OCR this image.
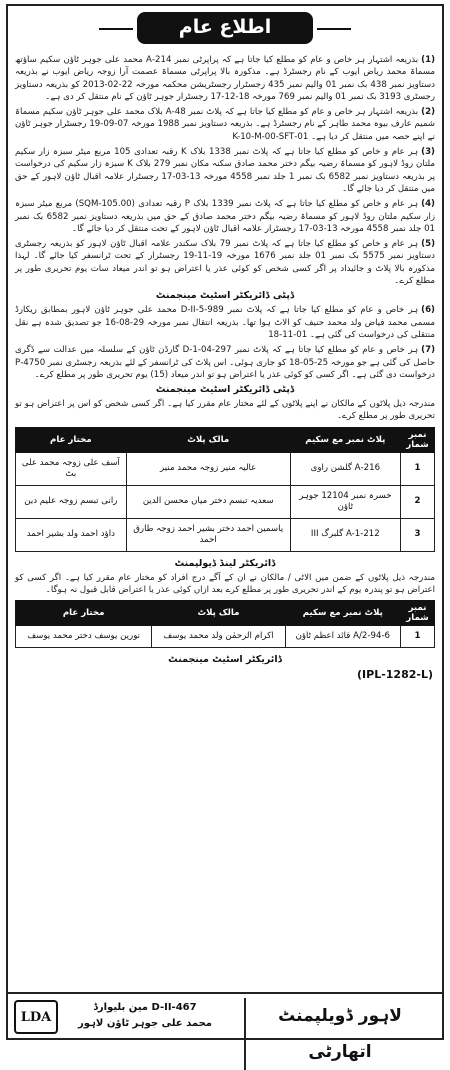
اطلاع عام

(1)بذریعہ اشتہار ہر خاص و عام کو مطلع کیا جاتا ہے کہ پراپرٹی نمبر 214-A محمد علی جوہر ٹاؤن سکیم ساؤتھ مسماۃ محمد ریاض ایوب کے نام رجسٹرڈ ہے۔ مذکورہ بالا پراپرٹی مسماۃ عصمت آرا زوجہ ریاض ایوب نے بذریعہ دستاویز نمبر 438 بک نمبر 01 والیم نمبر 435 رجسٹرار رجسٹریشن محکمہ مورخہ 22-02-2013 کو بذریعہ دستاویز رجسٹری 3193 بک نمبر 01 والیم نمبر 769 مورخہ 18-12-17 رجسٹرار جوہر ٹاؤن کے نام منتقل کر دی ہے۔

(2)بذریعہ اشتہار ہر خاص و عام کو مطلع کیا جاتا ہے کہ پلاٹ نمبر 48-A بلاک محمد علی جوہر ٹاؤن سکیم مسماۃ شمیم عارف بیوہ محمد طاہر کے نام رجسٹرڈ ہے۔ بذریعہ دستاویز نمبر 1988 مورخہ 07-09-19 رجسٹرار جوہر ٹاؤن نے اپنے حصہ میں منتقل کر دیا ہے۔ 01-K-10-M-00-SFT

(3)ہر عام و خاص کو مطلع کیا جاتا ہے کہ پلاٹ نمبر 1338 بلاک K رقبہ تعدادی 105 مربع میٹر سبزہ زار سکیم ملتان روڈ لاہور کو مسماۃ رضیہ بیگم دختر محمد صادق سکنہ مکان نمبر 279 بلاک K سبزہ زار سکیم کی درخواست پر بذریعہ دستاویز نمبر 6582 بک نمبر 1 جلد نمبر 4558 مورخہ 13-03-17 رجسٹرار علامہ اقبال ٹاؤن لاہور کے حق میں منتقل کر دیا جائے گا۔

(4)ہر عام و خاص کو مطلع کیا جاتا ہے کہ پلاٹ نمبر 1339 بلاک P رقبہ تعدادی (105.00-SQM) مربع میٹر سبزہ زار سکیم ملتان روڈ لاہور کو مسماۃ رضیہ بیگم دختر محمد صادق کے حق میں بذریعہ دستاویز نمبر 6582 بک نمبر 01 جلد نمبر 4558 مورخہ 13-03-17 رجسٹرار علامہ اقبال ٹاؤن لاہور کے تحت منتقل کر دیا جائے گا۔

(5)ہر عام و خاص کو مطلع کیا جاتا ہے کہ پلاٹ نمبر 79 بلاک سکندر علامہ اقبال ٹاؤن لاہور کو بذریعہ رجسٹری دستاویز نمبر 5575 بک نمبر 01 جلد نمبر 1676 مورخہ 19-11-19 رجسٹرار کے تحت ٹرانسفر کیا جائے گا۔ لہذا مذکورہ بالا پلاٹ و جائیداد پر اگر کسی شخص کو کوئی عذر یا اعتراض ہو تو اندر میعاد سات یوم تحریری طور پر مطلع کرے۔

ڈپٹی ڈائریکٹر اسٹیٹ مینجمنٹ

(6)ہر خاص و عام کو مطلع کیا جاتا ہے کہ پلاٹ نمبر 989-5-D-II محمد علی جوہر ٹاؤن لاہور بمطابق ریکارڈ مسمی محمد فیاض ولد محمد حنیف کو الاٹ ہوا تھا۔ بذریعہ انتقال نمبر مورخہ 29-08-16 جو تصدیق شدہ ہے نقل منتقلی کی درخواست کی گئی ہے۔ 01-11-18

(7)ہر خاص و عام کو مطلع کیا جاتا ہے کہ پلاٹ نمبر 297-04-D-1 گارڈن ٹاؤن کے سلسلہ میں عدالت سے ڈگری حاصل کی گئی ہے جو مورخہ 25-05-18 کو جاری ہوئی۔ اس پلاٹ کی ٹرانسفر کے لئے بذریعہ رجسٹری نمبر 4750-P درخواست دی گئی ہے۔ اگر کسی کو کوئی عذر یا اعتراض ہو تو اندر میعاد (15) یوم تحریری طور پر مطلع کرے۔

ڈپٹی ڈائریکٹر اسٹیٹ مینجمنٹ

مندرجہ ذیل پلاٹوں کے مالکان نے اپنے پلاٹوں کے لئے مختار عام مقرر کیا ہے۔ اگر کسی شخص کو اس پر اعتراض ہو تو تحریری طور پر مطلع کرے۔

نمبر شمار	پلاٹ نمبر مع سکیم	مالک پلاٹ	مختار عام
1	216-A گلشن راوی	عالیہ منیر زوجہ محمد منیر	آسف علی زوجہ محمد علی بٹ
2	خسرہ نمبر 12104 جوہر ٹاؤن	سعدیہ تبسم دختر میاں محسن الدین	رانی تبسم زوجہ علیم دین
3	212-A-1 گلبرگ III	یاسمین احمد دختر بشیر احمد زوجہ طارق احمد	داؤد احمد ولد بشیر احمد
ڈائریکٹر لینڈ ڈیولپمنٹ

مندرجہ ذیل پلاٹوں کے ضمن میں الاٹی / مالکان نے ان کے آگے درج افراد کو مختار عام مقرر کیا ہے۔ اگر کسی کو اعتراض ہو تو پندرہ یوم کے اندر تحریری طور پر مطلع کرے بعد ازاں کوئی عذر یا اعتراض قابل قبول نہ ہوگا۔

نمبر شمار	پلاٹ نمبر مع سکیم	مالک پلاٹ	مختار عام
1	94-6-A/2 قائد اعظم ٹاؤن	اکرام الرحمٰن ولد محمد یوسف	نورین یوسف دختر محمد یوسف
ڈائریکٹر اسٹیٹ مینجمنٹ
(IPL-1282-L)
LDA
467-D-II مین بلیوارڈ
محمد علی جوہر ٹاؤن لاہور	لاہور ڈویلپمنٹ اتھارٹی
